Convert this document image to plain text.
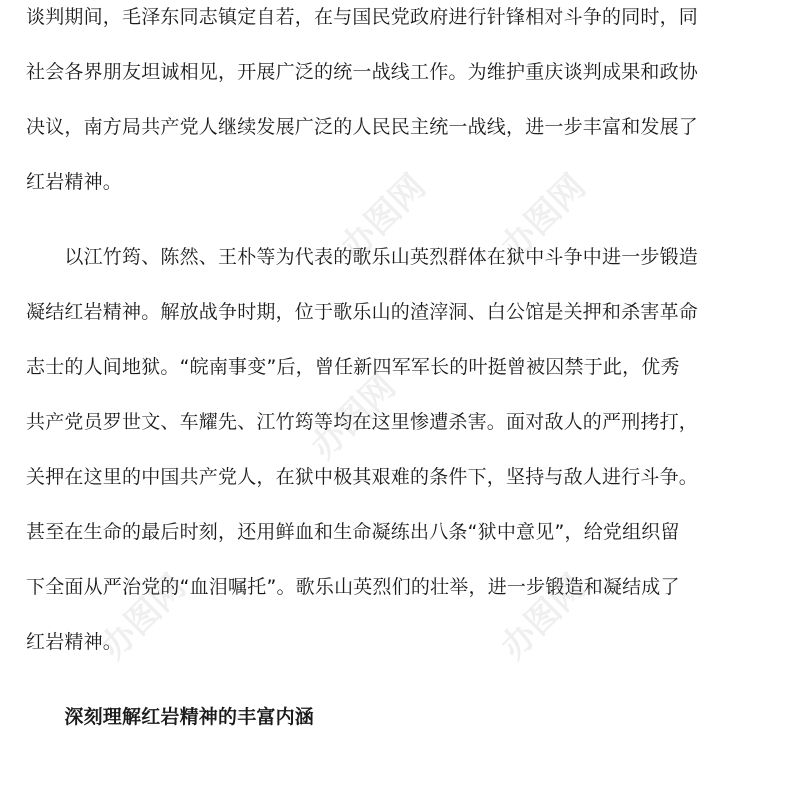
办图网 办图网
办图网
办图网	办图网
谈判期间，毛泽东同志镇定自若，在与国民党政府进行针锋相对斗争的同时，同
社会各界朋友坦诚相见，开展广泛的统一战线工作。为维护重庆谈判成果和政协
决议，南方局共产党人继续发展广泛的人民民主统一战线，进一步丰富和发展了
红岩精神。
　　以江竹筠、陈然、王朴等为代表的歌乐山英烈群体在狱中斗争中进一步锻造
凝结红岩精神。解放战争时期，位于歌乐山的渣滓洞、白公馆是关押和杀害革命
志士的人间地狱。“皖南事变”后，曾任新四军军长的叶挺曾被囚禁于此，优秀
共产党员罗世文、车耀先、江竹筠等均在这里惨遭杀害。面对敌人的严刑拷打，
关押在这里的中国共产党人，在狱中极其艰难的条件下，坚持与敌人进行斗争。
甚至在生命的最后时刻，还用鲜血和生命凝练出八条“狱中意见”，给党组织留
下全面从严治党的“血泪嘱托”。歌乐山英烈们的壮举，进一步锻造和凝结成了
红岩精神。
　　深刻理解红岩精神的丰富内涵
